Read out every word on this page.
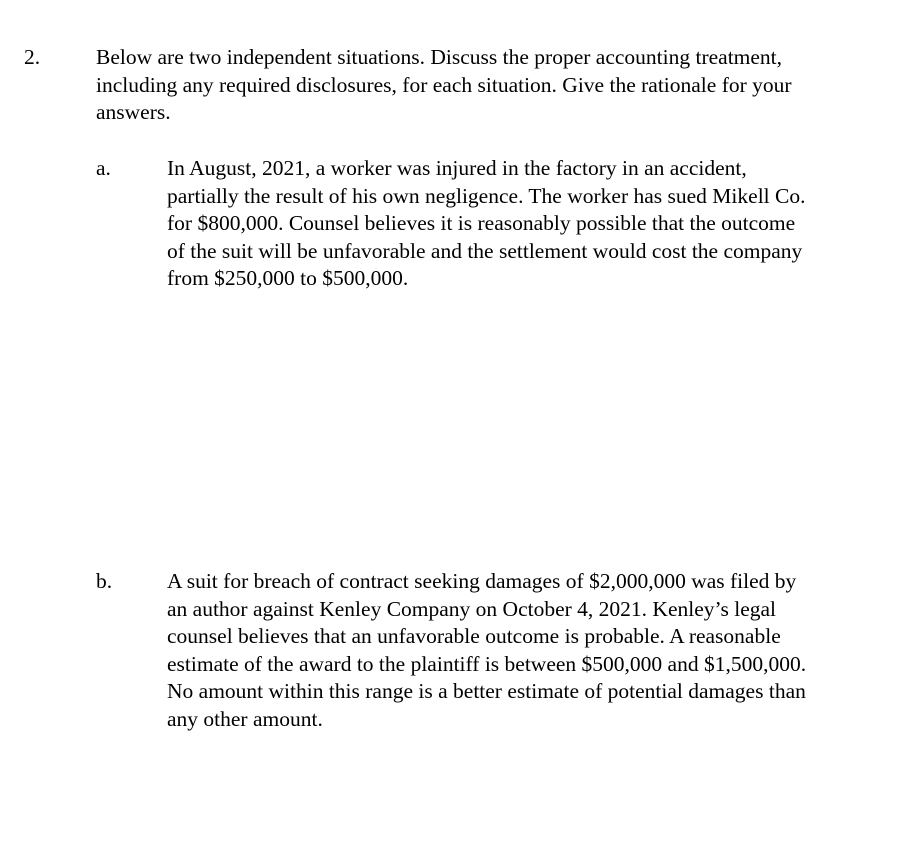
2.	Below are two independent situations. Discuss the proper accounting treatment,
including any required disclosures, for each situation. Give the rationale for your
answers.
a.	In August, 2021, a worker was injured in the factory in an accident,
partially the result of his own negligence. The worker has sued Mikell Co.
for $800,000. Counsel believes it is reasonably possible that the outcome
of the suit will be unfavorable and the settlement would cost the company
from $250,000 to $500,000.
b.	A suit for breach of contract seeking damages of $2,000,000 was filed by
an author against Kenley Company on October 4, 2021. Kenley’s legal
counsel believes that an unfavorable outcome is probable. A reasonable
estimate of the award to the plaintiff is between $500,000 and $1,500,000.
No amount within this range is a better estimate of potential damages than
any other amount.
